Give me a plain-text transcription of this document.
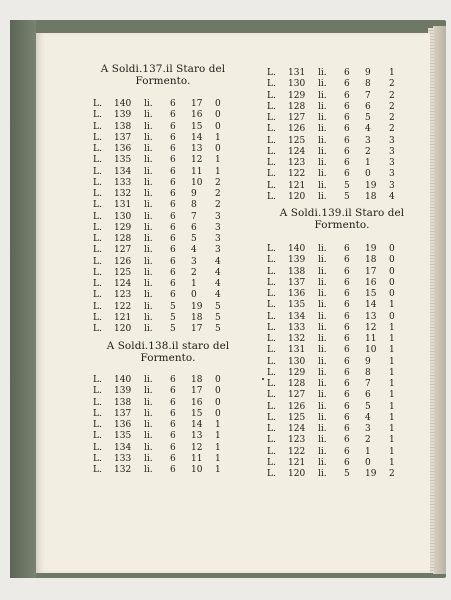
A Soldi.137.il Staro del Formento.
L. 140 li. 6 17 0
L. 139 li. 6 16 0
L. 138 li. 6 15 0
L. 137 li. 6 14 1
L. 136 li. 6 13 0
L. 135 li. 6 12 1
L. 134 li. 6 11 1
L. 133 li. 6 10 2
L. 132 li. 6 9 2
L. 131 li. 6 8 2
L. 130 li. 6 7 3
L. 129 li. 6 6 3
L. 128 li. 6 5 3
L. 127 li. 6 4 3
L. 126 li. 6 3 4
L. 125 li. 6 2 4
L. 124 li. 6 1 4
L. 123 li. 6 0 4
L. 122 li. 5 19 5
L. 121 li. 5 18 5
L. 120 li. 5 17 5
A Soldi.138.il staro del Formento.
L. 140 li. 6 18 0
L. 139 li. 6 17 0
L. 138 li. 6 16 0
L. 137 li. 6 15 0
L. 136 li. 6 14 1
L. 135 li. 6 13 1
L. 134 li. 6 12 1
L. 133 li. 6 11 1
L. 132 li. 6 10 1
L. 131 li. 6 9 1
L. 130 li. 6 8 2
L. 129 li. 6 7 2
L. 128 li. 6 6 2
L. 127 li. 6 5 2
L. 126 li. 6 4 2
L. 125 li. 6 3 3
L. 124 li. 6 2 3
L. 123 li. 6 1 3
L. 122 li. 6 0 3
L. 121 li. 5 19 3
L. 120 li. 5 18 4
A Soldi.139.il Staro del Formento.
L. 140 li. 6 19 0
L. 139 li. 6 18 0
L. 138 li. 6 17 0
L. 137 li. 6 16 0
L. 136 li. 6 15 0
L. 135 li. 6 14 1
L. 134 li. 6 13 0
L. 133 li. 6 12 1
L. 132 li. 6 11 1
L. 131 li. 6 10 1
L. 130 li. 6 9 1
L. 129 li. 6 8 1
L. 128 li. 6 7 1
L. 127 li. 6 6 1
L. 126 li. 6 5 1
L. 125 li. 6 4 1
L. 124 li. 6 3 1
L. 123 li. 6 2 1
L. 122 li. 6 1 1
L. 121 li. 6 0 1
L. 120 li. 5 19 2
